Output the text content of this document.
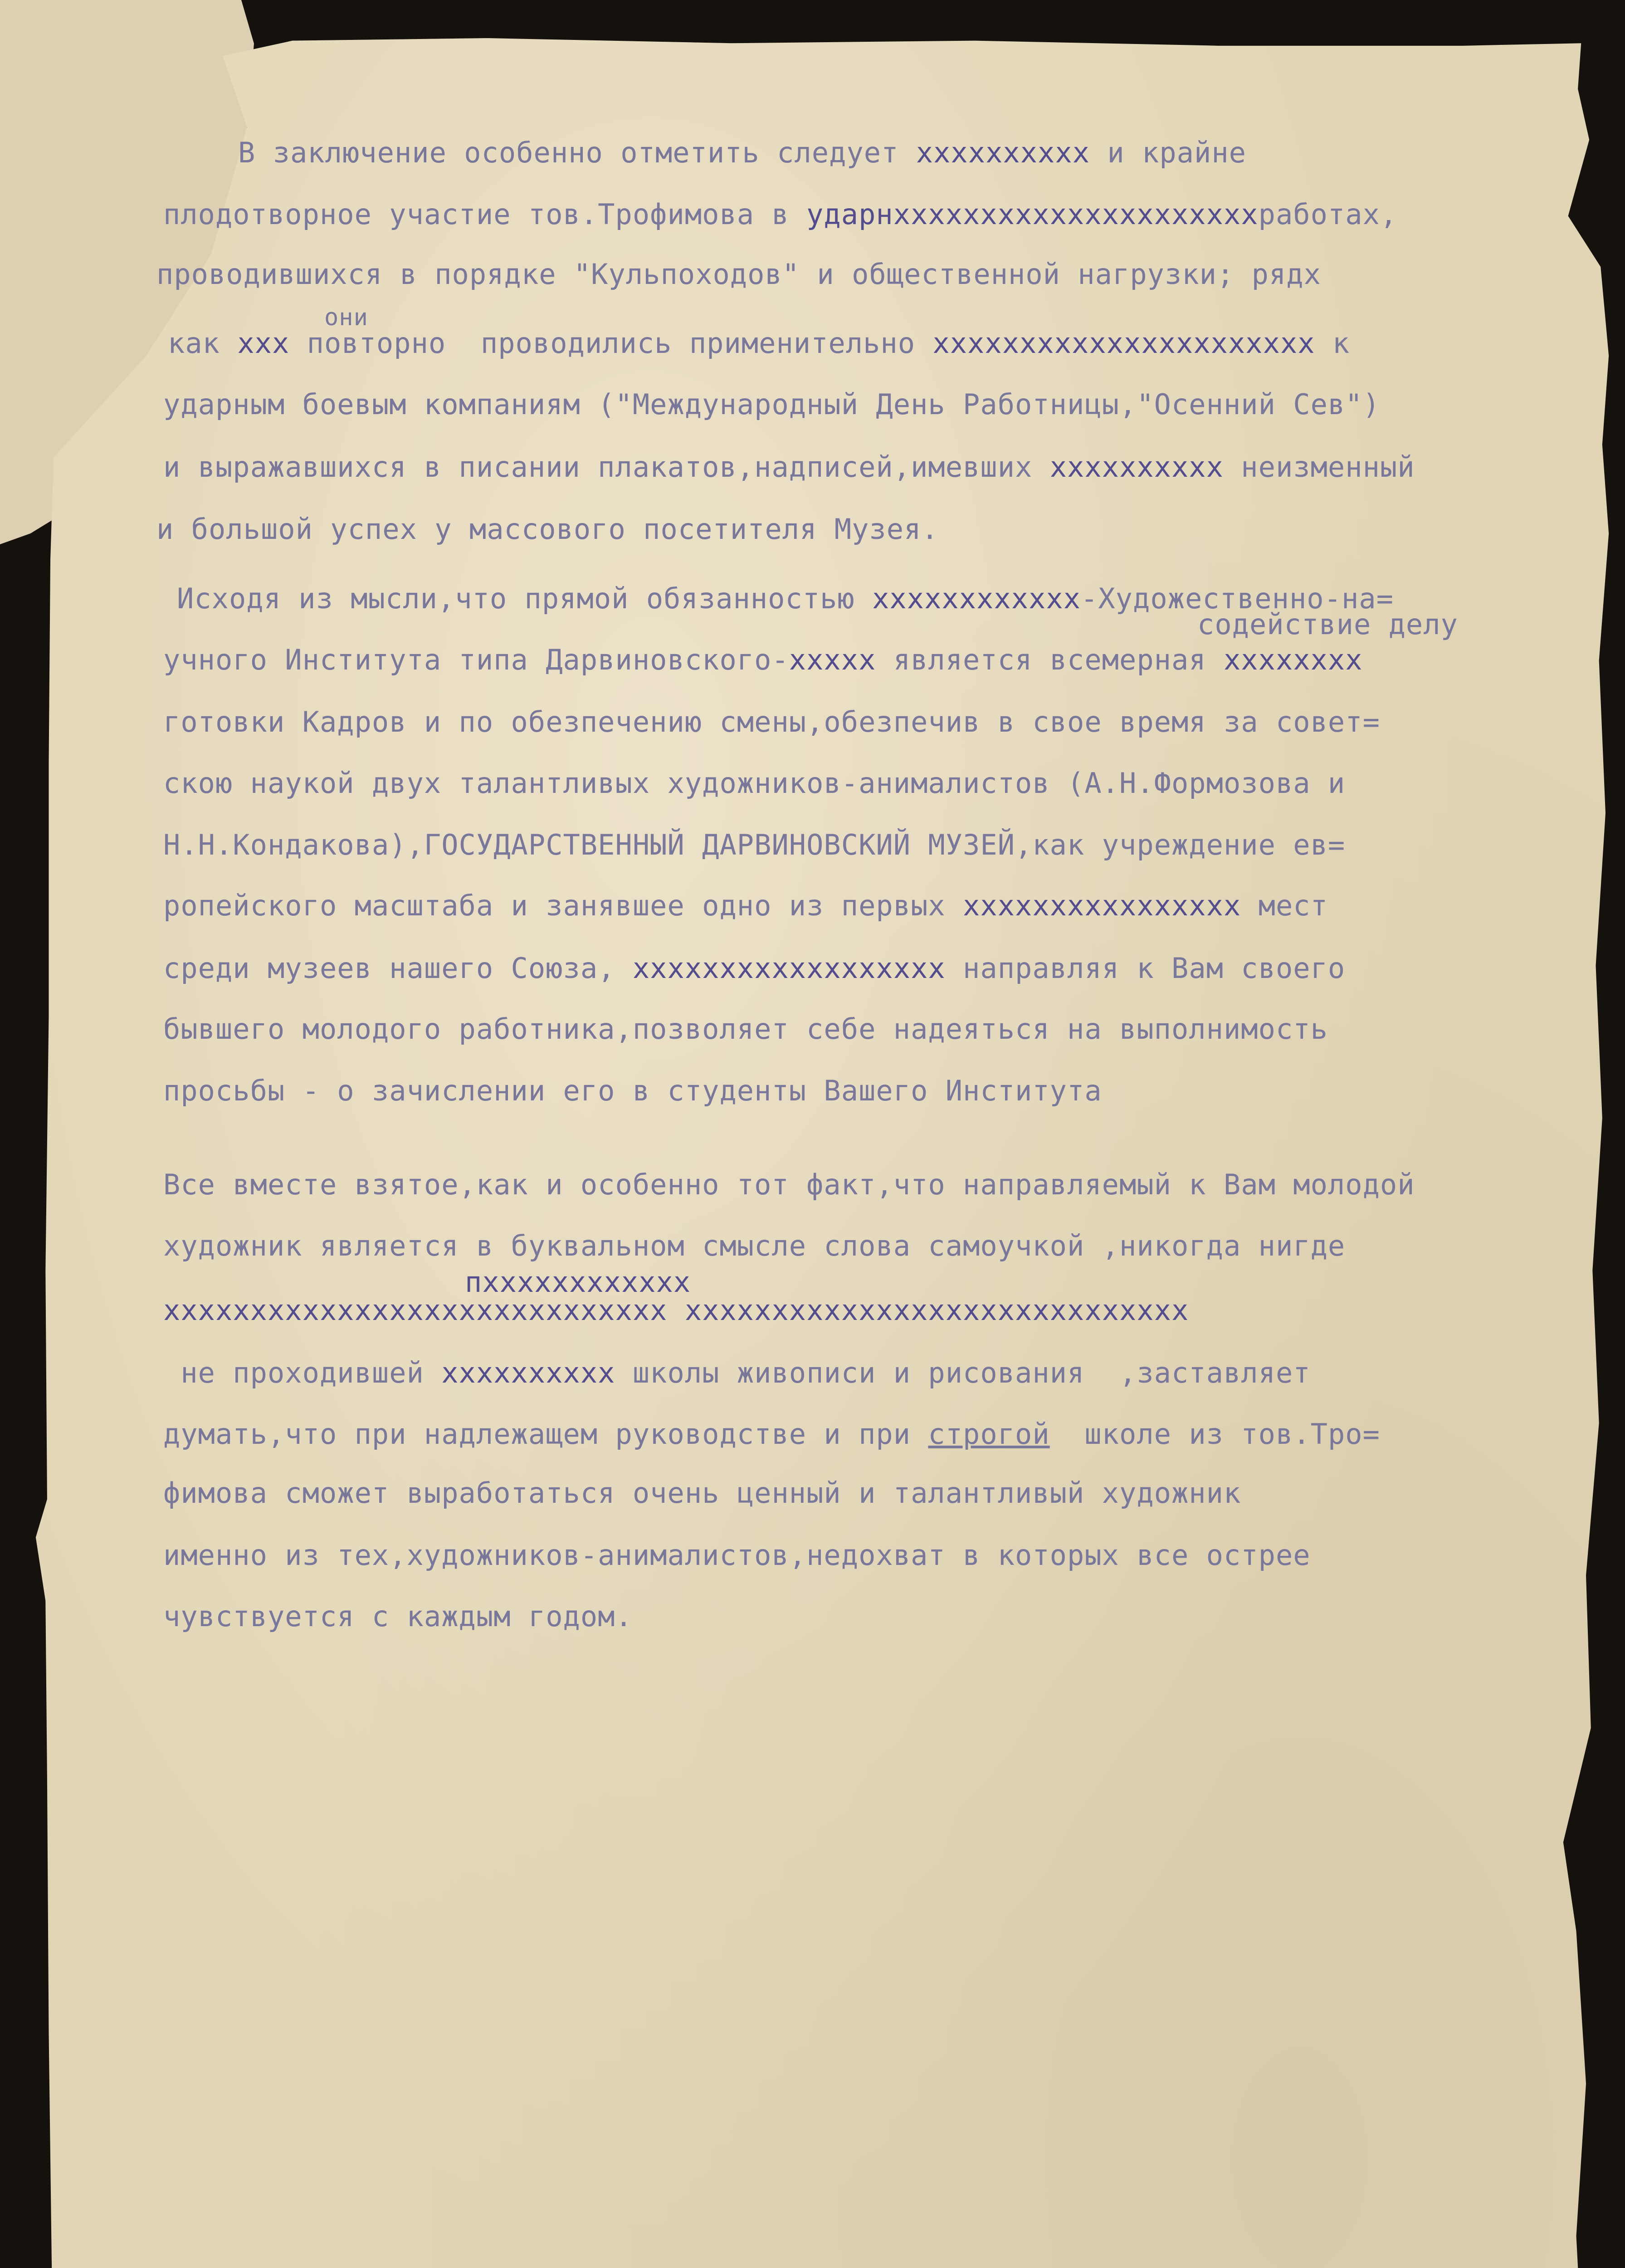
В заключение особенно отметить следует хххххххххх и крайне
плодотворное участие тов.Трофимова в ударнхххххххххххххххххххххработах,
проводившихся в порядке "Кульпоходов" и общественной нагрузки; рядх
они
как ххх повторно  проводились применительно хххххххххххххххххххххх к
ударным боевым компаниям ("Международный День Работницы,"Осенний Сев")
и выражавшихся в писании плакатов,надписей,имевших хххххххххх неизменный
и большой успех у массового посетителя Музея.
Исходя из мысли,что прямой обязанностью хххххххххххх-Художественно-на=
содействие делу
учного Института типа Дарвиновского-ххххх является всемерная хххххххх
готовки Кадров и по обезпечению смены,обезпечив в свое время за совет=
скою наукой двух талантливых художников-анималистов (А.Н.Формозова и
Н.Н.Кондакова),ГОСУДАРСТВЕННЫЙ ДАРВИНОВСКИЙ МУЗЕЙ,как учреждение ев=
ропейского масштаба и занявшее одно из первых хххххххххххххххх мест
среди музеев нашего Союза, хххххххххххххххххх направляя к Вам своего
бывшего молодого работника,позволяет себе надеяться на выполнимость
просьбы - о зачислении его в студенты Вашего Института
Все вместе взятое,как и особенно тот факт,что направляемый к Вам молодой
художник является в буквальном смысле слова самоучкой ,никогда нигде
пхххххххххххх
ххххххххххххххххххххххххххххх ххххххххххххххххххххххххххххх
не проходившей хххххххххх школы живописи и рисования  ,заставляет
думать,что при надлежащем руководстве и при строгой  школе из тов.Тро=
фимова сможет выработаться очень ценный и талантливый художник
именно из тех,художников-анималистов,недохват в которых все острее
чувствуется с каждым годом.
